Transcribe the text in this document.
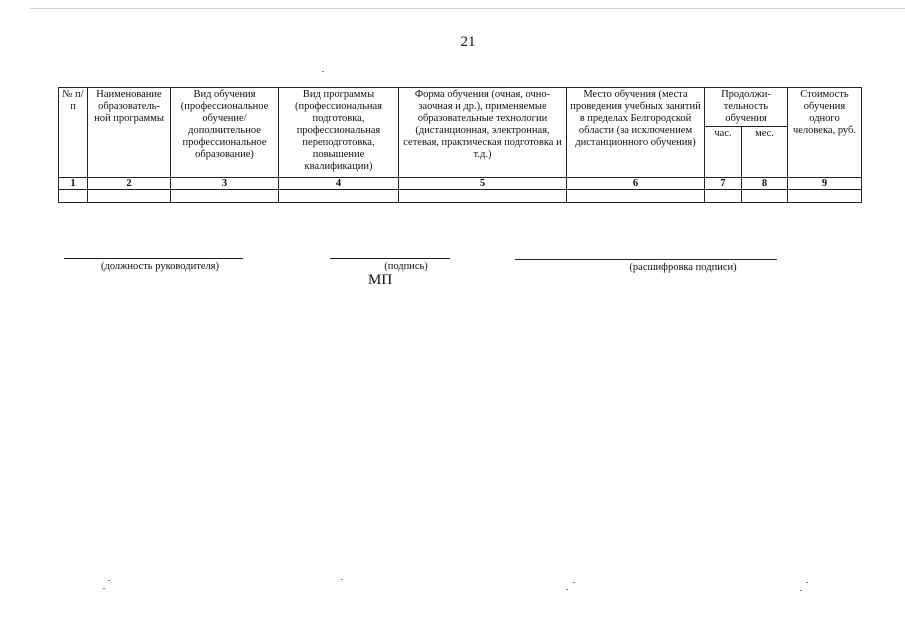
21
№ п/п	Наименование образователь-ной программы	Вид обучения (профессиональное обучение/ дополнительное профессиональное образование)	Вид программы (профессиональная подготовка, профессиональная переподготовка, повышение квалификации)	Форма обучения (очная, очно-заочная и др.), применяемые образовательные технологии (дистанционная, электронная, сетевая, практическая подготовка и т.д.)	Место обучения (места проведения учебных занятий в пределах Белгородской области (за исключением дистанционного обучения)	Продолжи-тельность обучения		Стоимость обучения одного человека, руб.
						час.	мес.	
1	2	3	4	5	6	7	8	9

(должность руководителя)	(подпись)	(расшифровка подписи)
МП
